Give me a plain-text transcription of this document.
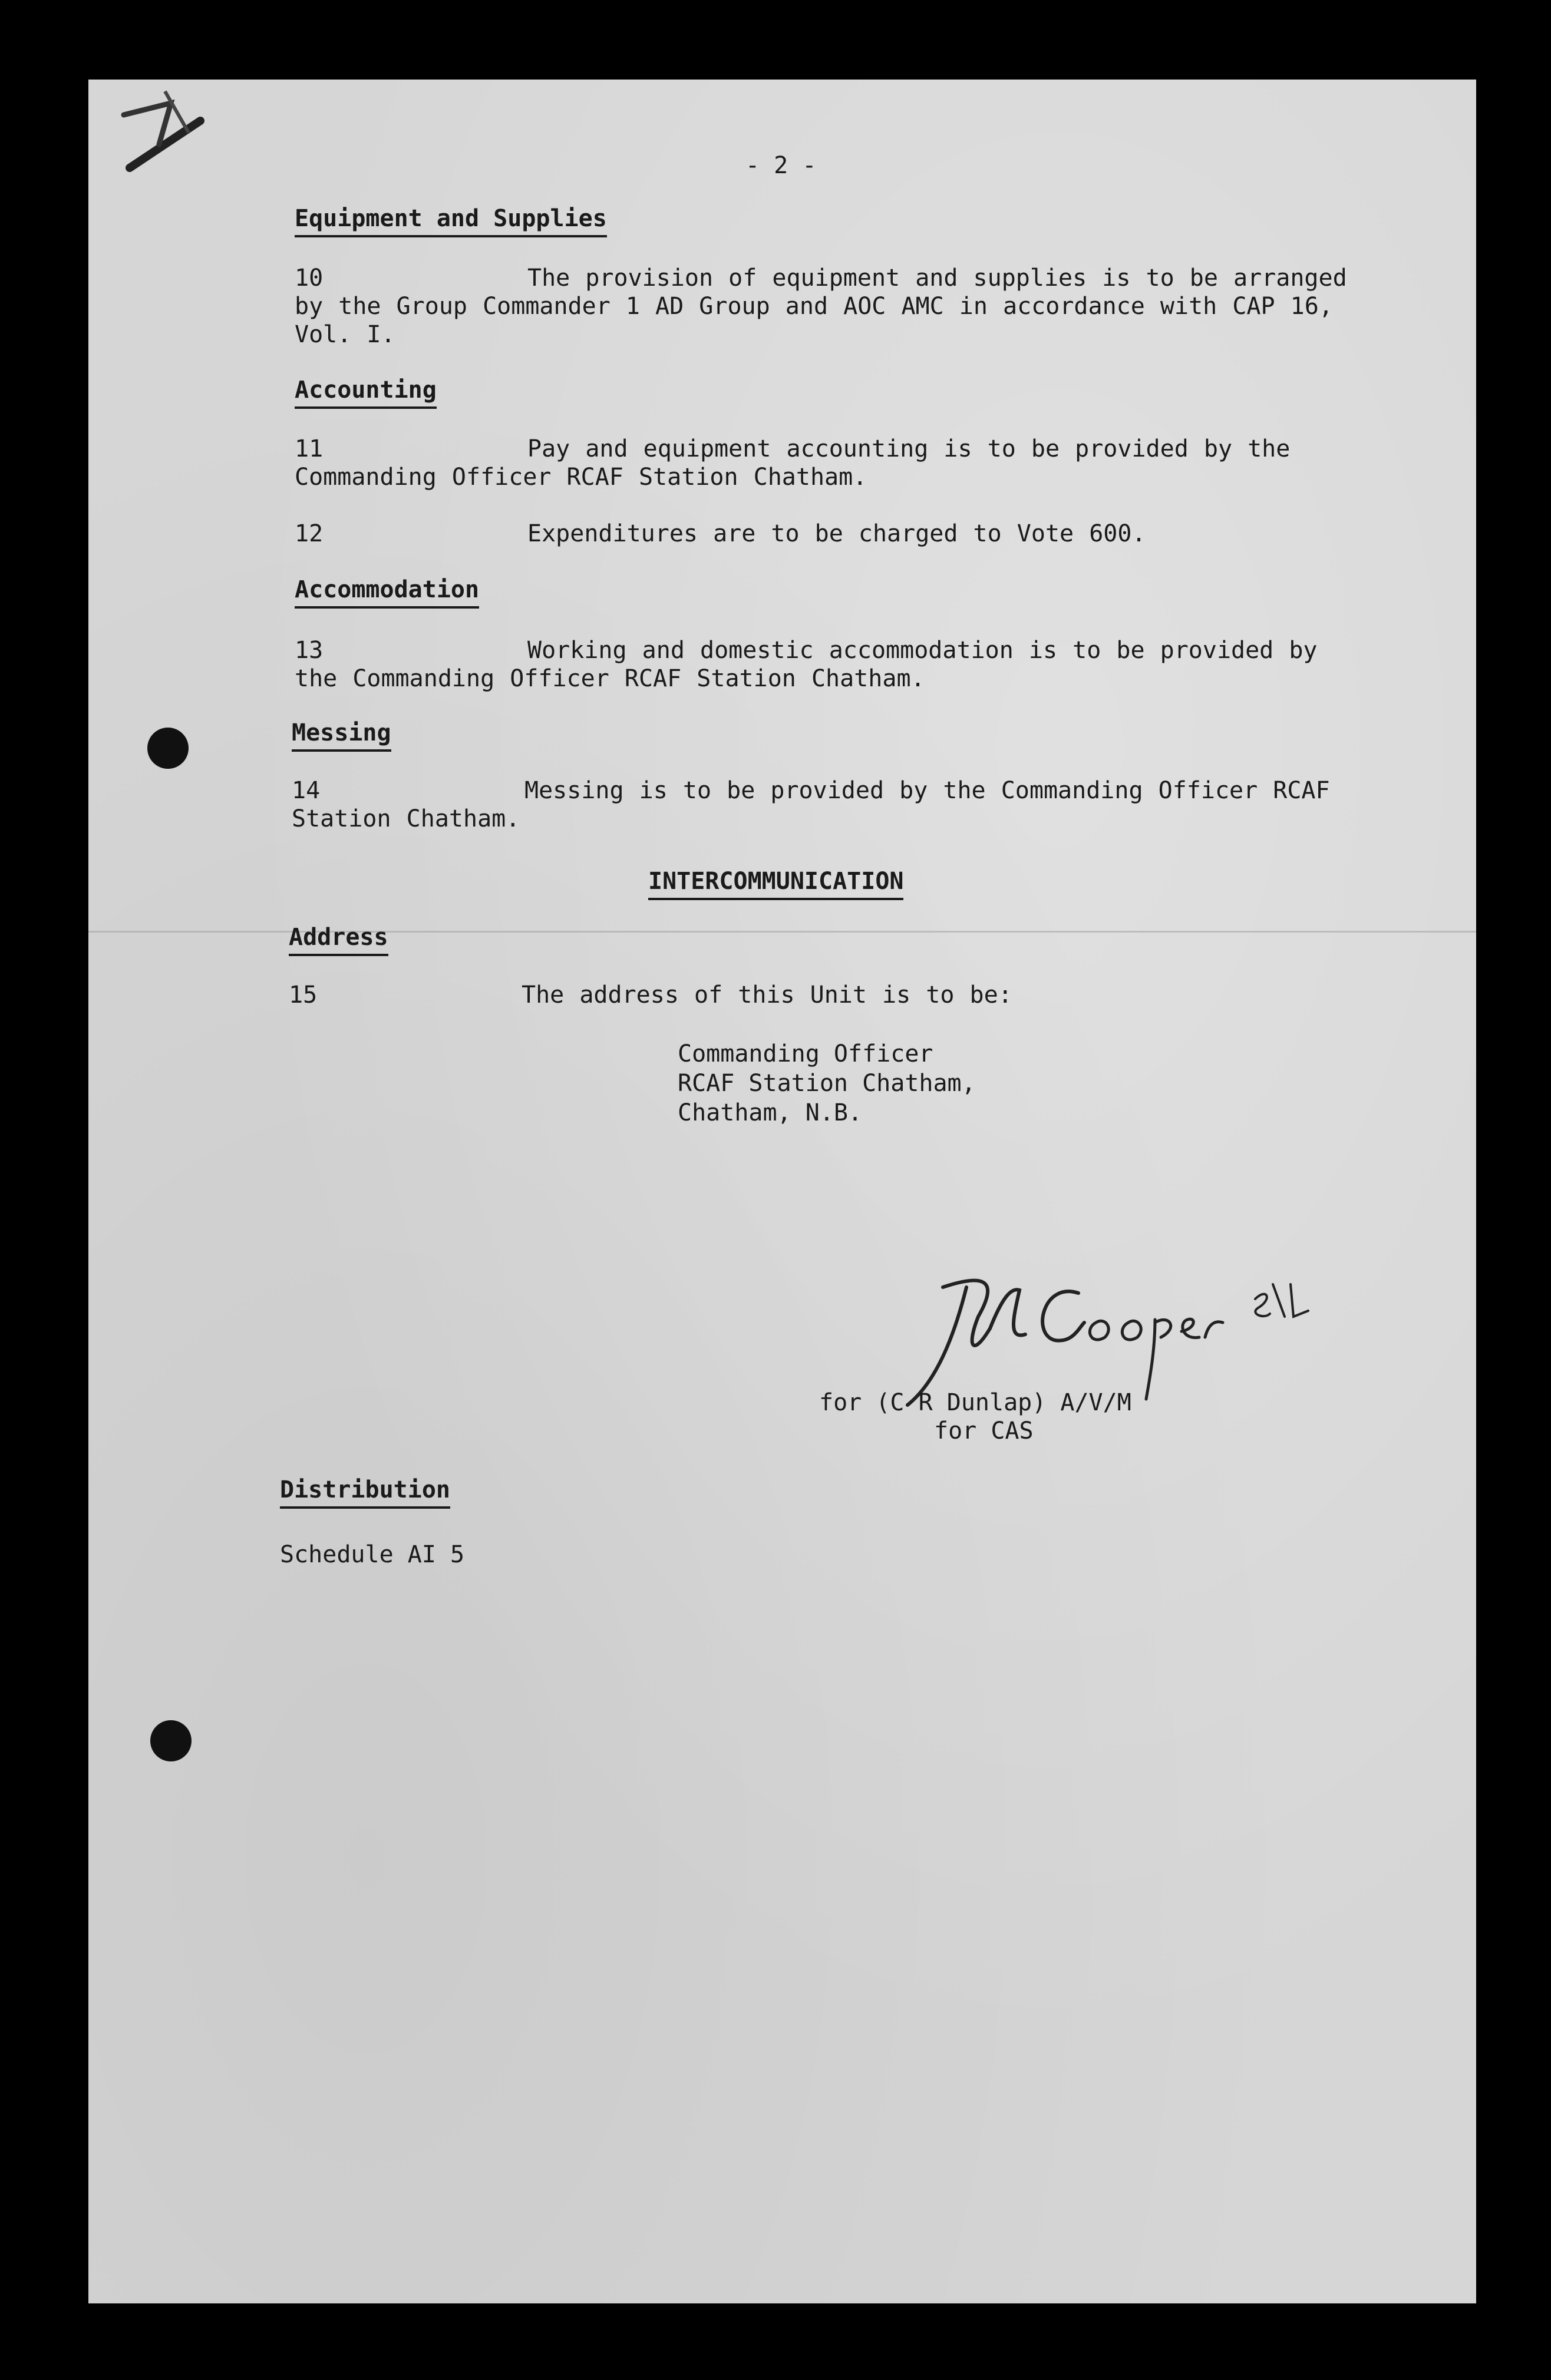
- 2 -
Equipment and Supplies
10	The provision of equipment and supplies is to be arranged by the Group Commander 1 AD Group and AOC AMC in accordance with CAP 16, Vol. I.
Accounting
11	Pay and equipment accounting is to be provided by the Commanding Officer RCAF Station Chatham.
12	Expenditures are to be charged to Vote 600.
Accommodation
13	Working and domestic accommodation is to be provided by the Commanding Officer RCAF Station Chatham.
Messing
14	Messing is to be provided by the Commanding Officer RCAF Station Chatham.
INTERCOMMUNICATION
Address
15	The address of this Unit is to be:
Commanding Officer
RCAF Station Chatham,
Chatham, N.B.
for (C R Dunlap) A/V/M
for CAS
Distribution
Schedule AI 5
